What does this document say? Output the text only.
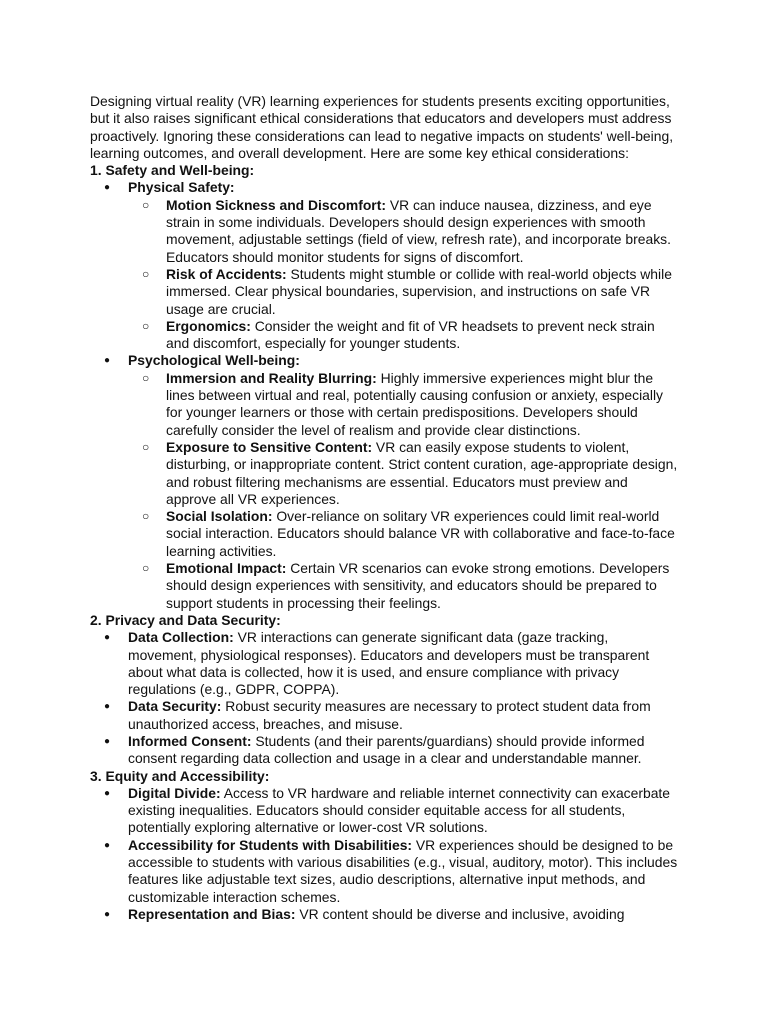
Designing virtual reality (VR) learning experiences for students presents exciting opportunities, but it also raises significant ethical considerations that educators and developers must address proactively. Ignoring these considerations can lead to negative impacts on students' well-being, learning outcomes, and overall development. Here are some key ethical considerations:

1. Safety and Well-being:

● Physical Safety:
○ Motion Sickness and Discomfort: VR can induce nausea, dizziness, and eye strain in some individuals. Developers should design experiences with smooth movement, adjustable settings (field of view, refresh rate), and incorporate breaks. Educators should monitor students for signs of discomfort.
○ Risk of Accidents: Students might stumble or collide with real-world objects while immersed. Clear physical boundaries, supervision, and instructions on safe VR usage are crucial.
○ Ergonomics: Consider the weight and fit of VR headsets to prevent neck strain and discomfort, especially for younger students.
● Psychological Well-being:
○ Immersion and Reality Blurring: Highly immersive experiences might blur the lines between virtual and real, potentially causing confusion or anxiety, especially for younger learners or those with certain predispositions. Developers should carefully consider the level of realism and provide clear distinctions.
○ Exposure to Sensitive Content: VR can easily expose students to violent, disturbing, or inappropriate content. Strict content curation, age-appropriate design, and robust filtering mechanisms are essential. Educators must preview and approve all VR experiences.
○ Social Isolation: Over-reliance on solitary VR experiences could limit real-world social interaction. Educators should balance VR with collaborative and face-to-face learning activities.
○ Emotional Impact: Certain VR scenarios can evoke strong emotions. Developers should design experiences with sensitivity, and educators should be prepared to support students in processing their feelings.

2. Privacy and Data Security:

● Data Collection: VR interactions can generate significant data (gaze tracking, movement, physiological responses). Educators and developers must be transparent about what data is collected, how it is used, and ensure compliance with privacy regulations (e.g., GDPR, COPPA).
● Data Security: Robust security measures are necessary to protect student data from unauthorized access, breaches, and misuse.
● Informed Consent: Students (and their parents/guardians) should provide informed consent regarding data collection and usage in a clear and understandable manner.

3. Equity and Accessibility:

● Digital Divide: Access to VR hardware and reliable internet connectivity can exacerbate existing inequalities. Educators should consider equitable access for all students, potentially exploring alternative or lower-cost VR solutions.
● Accessibility for Students with Disabilities: VR experiences should be designed to be accessible to students with various disabilities (e.g., visual, auditory, motor). This includes features like adjustable text sizes, audio descriptions, alternative input methods, and customizable interaction schemes.
● Representation and Bias: VR content should be diverse and inclusive, avoiding
